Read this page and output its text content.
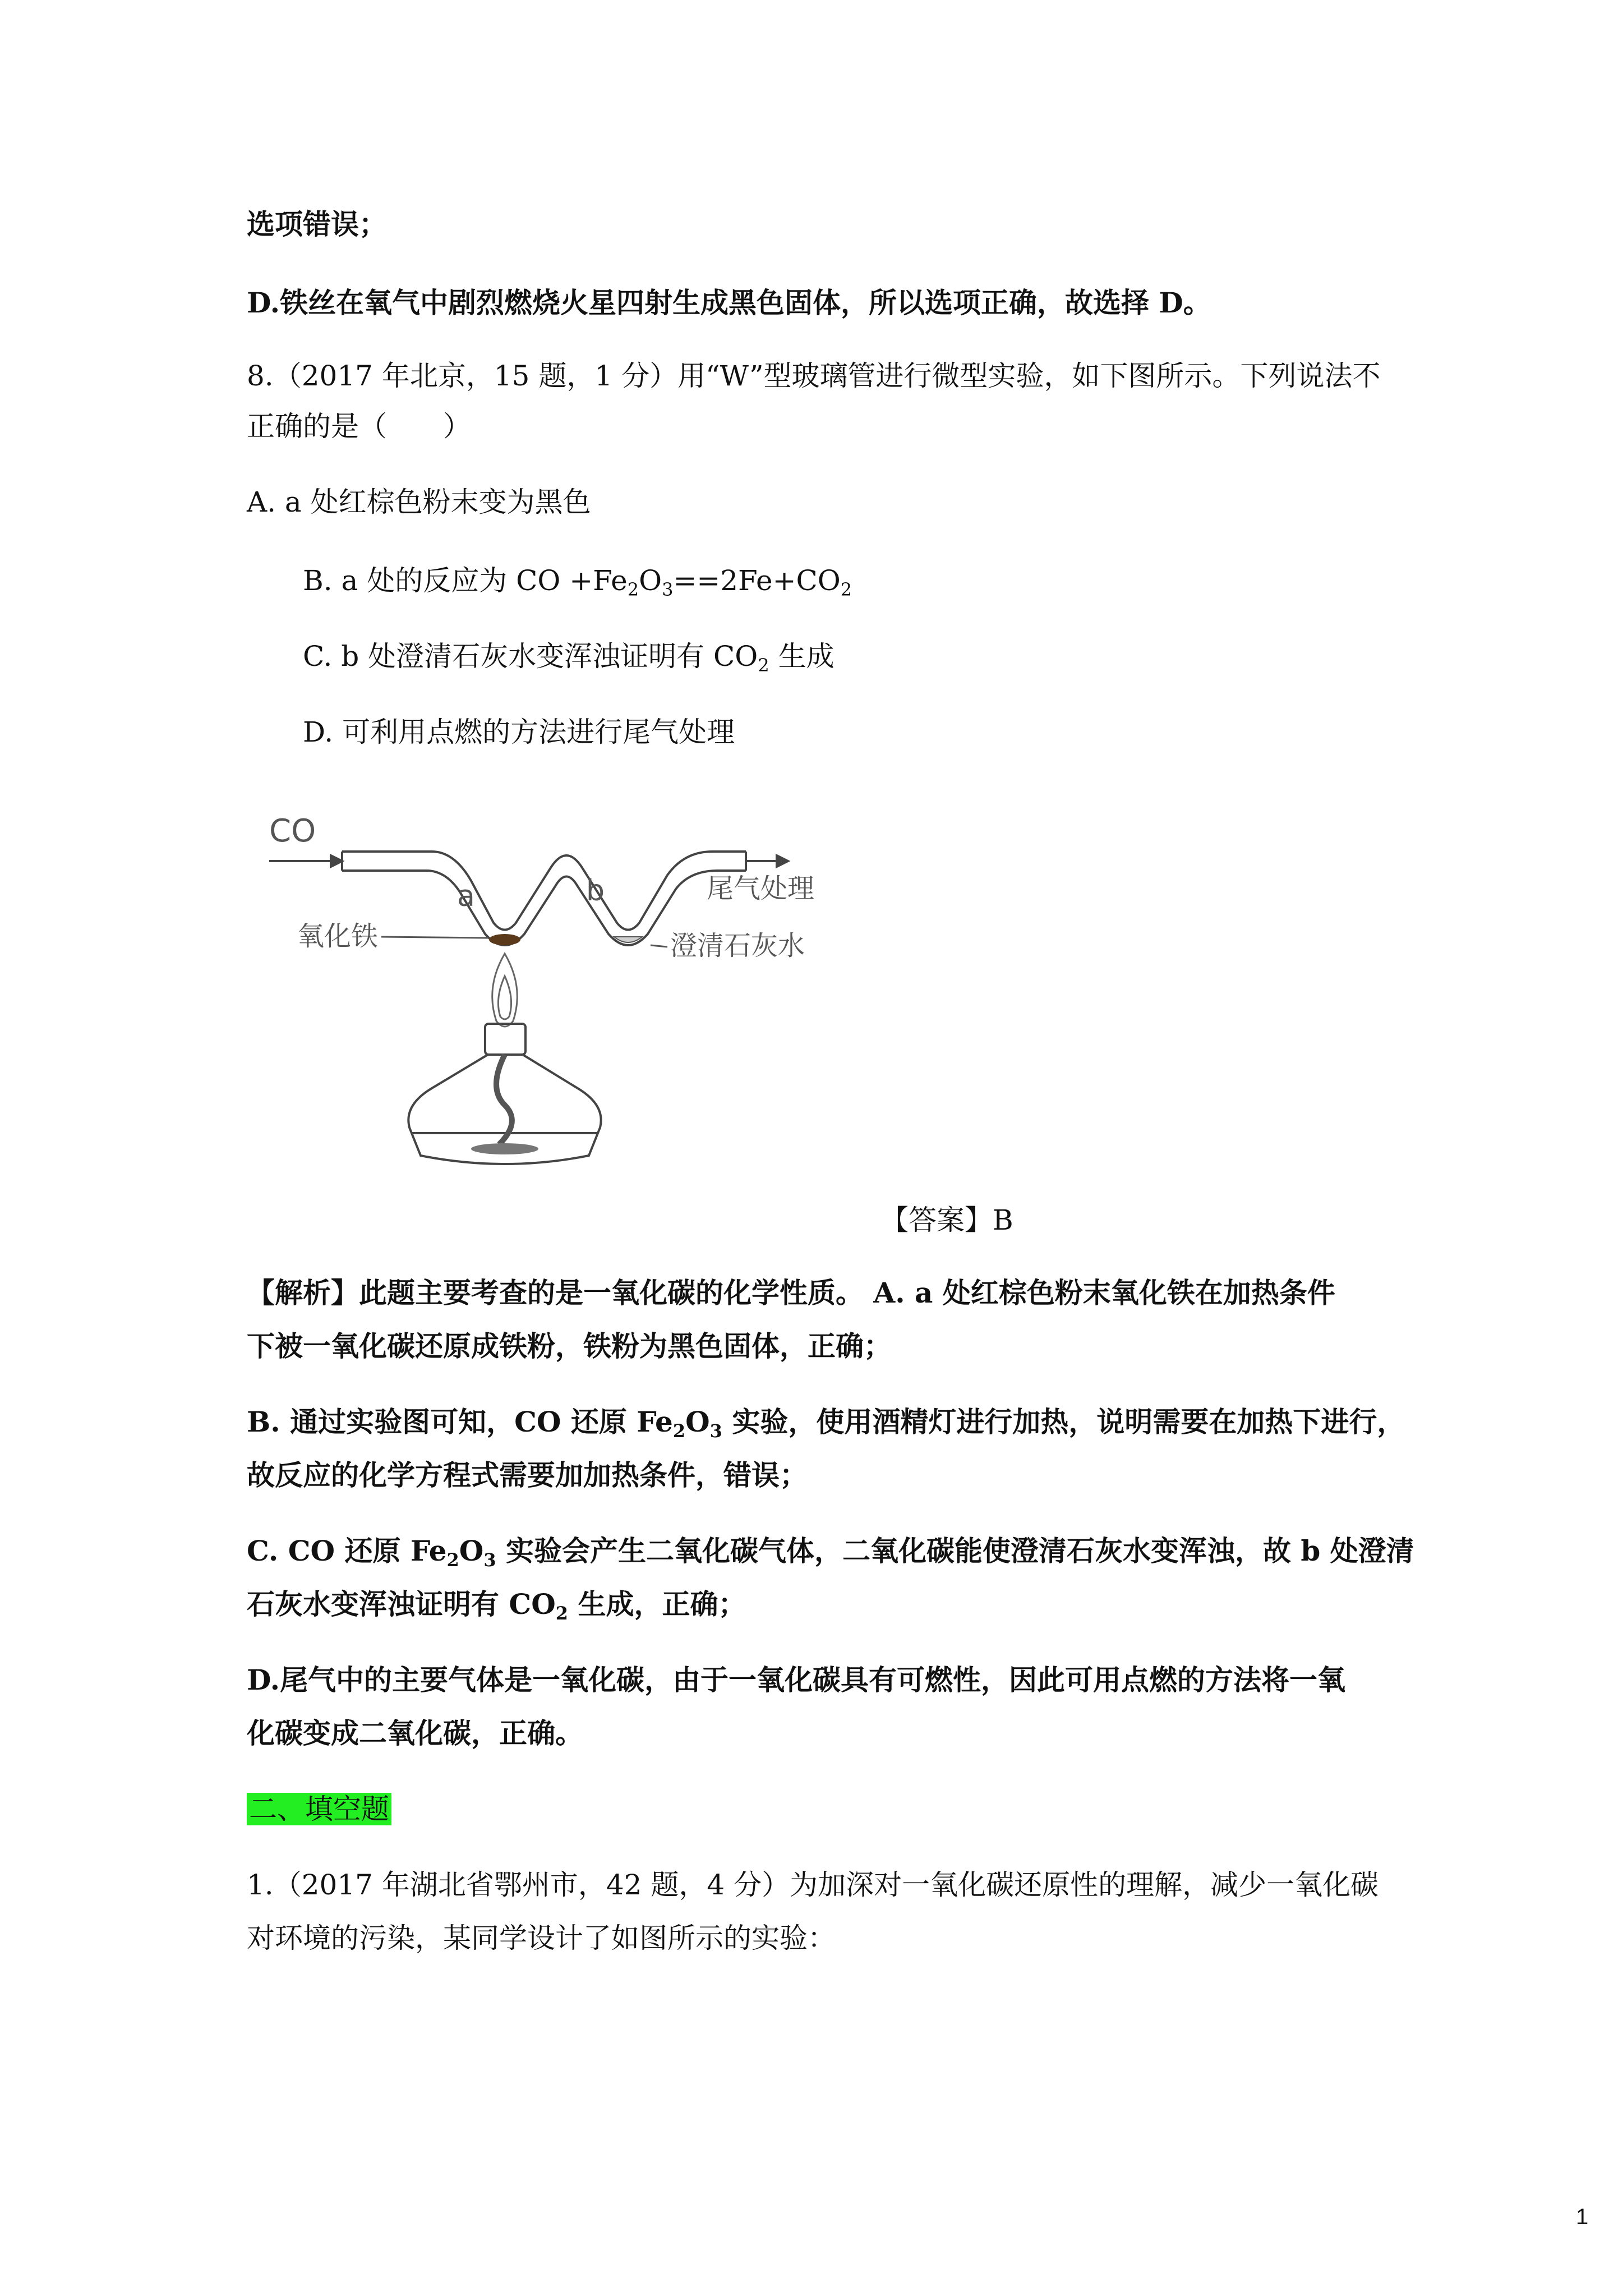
选项错误；
D.铁丝在氧气中剧烈燃烧火星四射生成黑色固体，所以选项正确，故选择 D。
8.（2017 年北京，15 题，1 分）用“W”型玻璃管进行微型实验，如下图所示。下列说法不
正确的是（　　）
A. a 处红棕色粉末变为黑色
B. a 处的反应为 CO $+Fe_2O_3==2Fe+CO_2$
C. b 处澄清石灰水变浑浊证明有 $CO_2$ 生成
D. 可利用点燃的方法进行尾气处理
CO
a	b	尾气处理
氧化铁	澄清石灰水
【答案】B
【解析】此题主要考查的是一氧化碳的化学性质。 A. a 处红棕色粉末氧化铁在加热条件
下被一氧化碳还原成铁粉，铁粉为黑色固体，正确；
B. 通过实验图可知，CO 还原 $Fe_2O_3$ 实验，使用酒精灯进行加热，说明需要在加热下进行，
故反应的化学方程式需要加加热条件，错误；
C. CO 还原 $Fe_2O_3$ 实验会产生二氧化碳气体，二氧化碳能使澄清石灰水变浑浊，故 b 处澄清
石灰水变浑浊证明有 $CO_2$ 生成，正确；
D.尾气中的主要气体是一氧化碳，由于一氧化碳具有可燃性，因此可用点燃的方法将一氧
化碳变成二氧化碳，正确。
二、填空题
1.（2017 年湖北省鄂州市，42 题，4 分）为加深对一氧化碳还原性的理解，减少一氧化碳
对环境的污染，某同学设计了如图所示的实验：
1
